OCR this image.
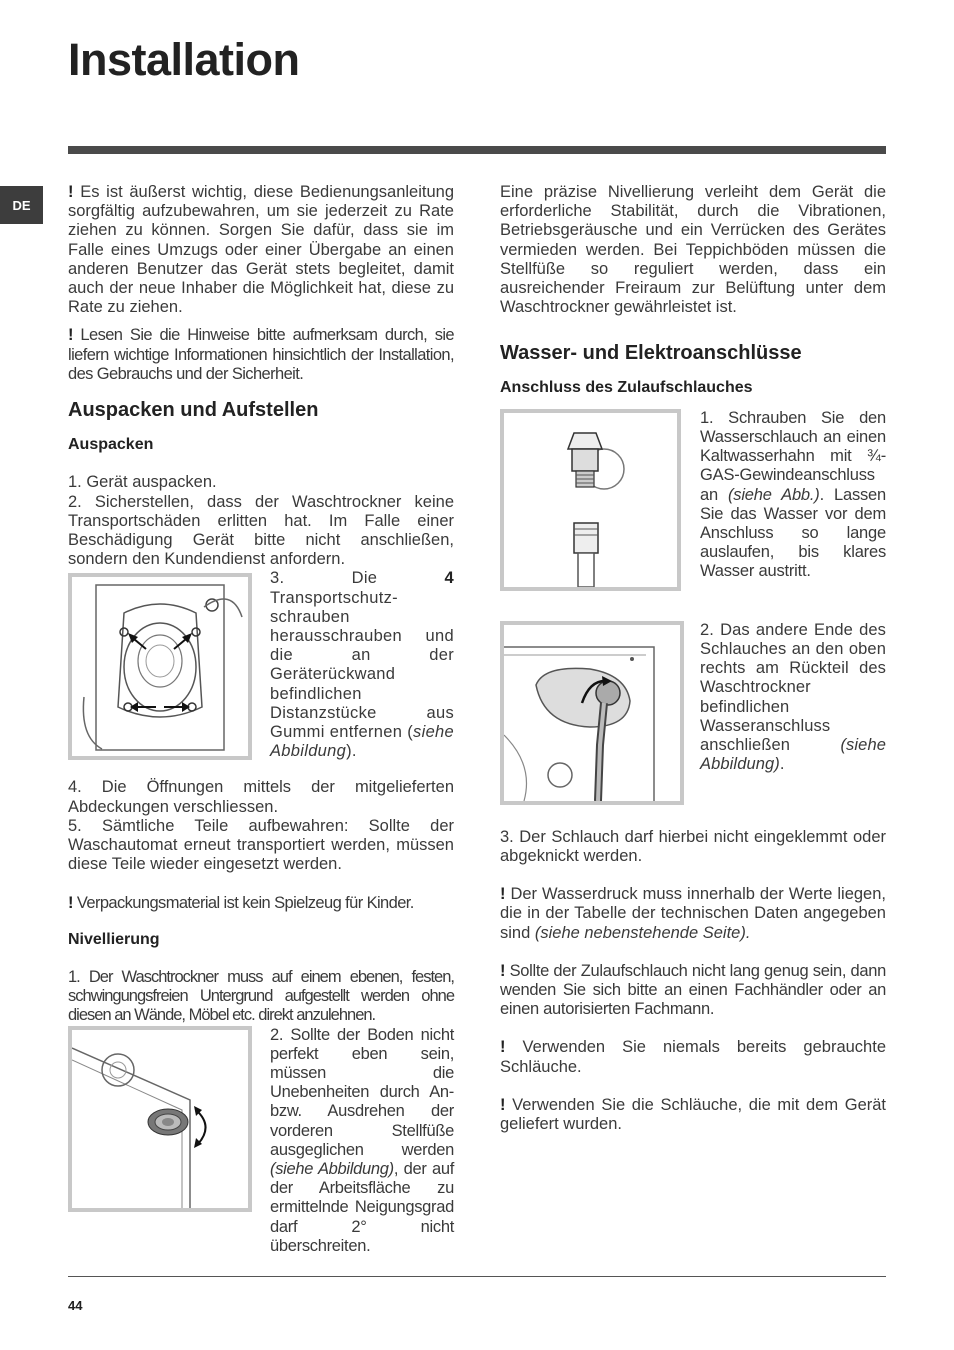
Installation
DE

! Es ist äußerst wichtig, diese Bedienungsanleitung sorgfältig aufzubewahren, um sie jederzeit zu Rate ziehen zu können. Sorgen Sie dafür, dass sie im Falle eines Umzugs oder einer Übergabe an einen anderen Benutzer das Gerät stets begleitet, damit auch der neue Inhaber die Möglichkeit hat, diese zu Rate zu ziehen.

! Lesen Sie die Hinweise bitte aufmerksam durch, sie liefern wichtige Informationen hinsichtlich der Installation, des Gebrauchs und der Sicherheit.

Auspacken und Aufstellen
Auspacken

1. Gerät auspacken.

2. Sicherstellen, dass der Waschtrockner keine Transportschäden erlitten hat. Im Falle einer Beschädigung Gerät bitte nicht anschließen, sondern den Kundendienst anfordern.

3. Die 4 Transportschutz-schrauben herausschrauben und die an der Geräterückwand befindlichen Distanzstücke aus Gummi entfernen (siehe Abbildung).

4. Die Öffnungen mittels der mitgelieferten Abdeckungen verschliessen.

5. Sämtliche Teile aufbewahren: Sollte der Waschautomat erneut transportiert werden, müssen diese Teile wieder eingesetzt werden.

! Verpackungsmaterial ist kein Spielzeug für Kinder.

Nivellierung

1. Der Waschtrockner muss auf einem ebenen, festen, schwingungsfreien Untergrund aufgestellt werden ohne diesen an Wände, Möbel etc. direkt anzulehnen.

2. Sollte der Boden nicht perfekt eben sein, müssen die Unebenheiten durch An- bzw. Ausdrehen der vorderen Stellfüße ausgeglichen werden (siehe Abbildung), der auf der Arbeitsfläche zu ermittelnde Neigungsgrad darf 2° nicht überschreiten.

Eine präzise Nivellierung verleiht dem Gerät die erforderliche Stabilität, durch die Vibrationen, Betriebsgeräusche und ein Verrücken des Gerätes vermieden werden. Bei Teppichböden müssen die Stellfüße so reguliert werden, dass ein ausreichender Freiraum zur Belüftung unter dem Waschtrockner gewährleistet ist.

Wasser- und Elektroanschlüsse
Anschluss des Zulaufschlauches

1. Schrauben Sie den Wasserschlauch an einen Kaltwasserhahn mit ¾-GAS-Gewindeanschluss an (siehe Abb.). Lassen Sie das Wasser vor dem Anschluss so lange auslaufen, bis klares Wasser austritt.

2. Das andere Ende des Schlauches an den oben rechts am Rückteil des Waschtrockner befindlichen Wasseranschluss anschließen (siehe Abbildung).

3. Der Schlauch darf hierbei nicht eingeklemmt oder abgeknickt werden.

! Der Wasserdruck muss innerhalb der Werte liegen, die in der Tabelle der technischen Daten angegeben sind (siehe nebenstehende Seite).

! Sollte der Zulaufschlauch nicht lang genug sein, dann wenden Sie sich bitte an einen Fachhändler oder an einen autorisierten Fachmann.

! Verwenden Sie niemals bereits gebrauchte Schläuche.

! Verwenden Sie die Schläuche, die mit dem Gerät geliefert wurden.

44
